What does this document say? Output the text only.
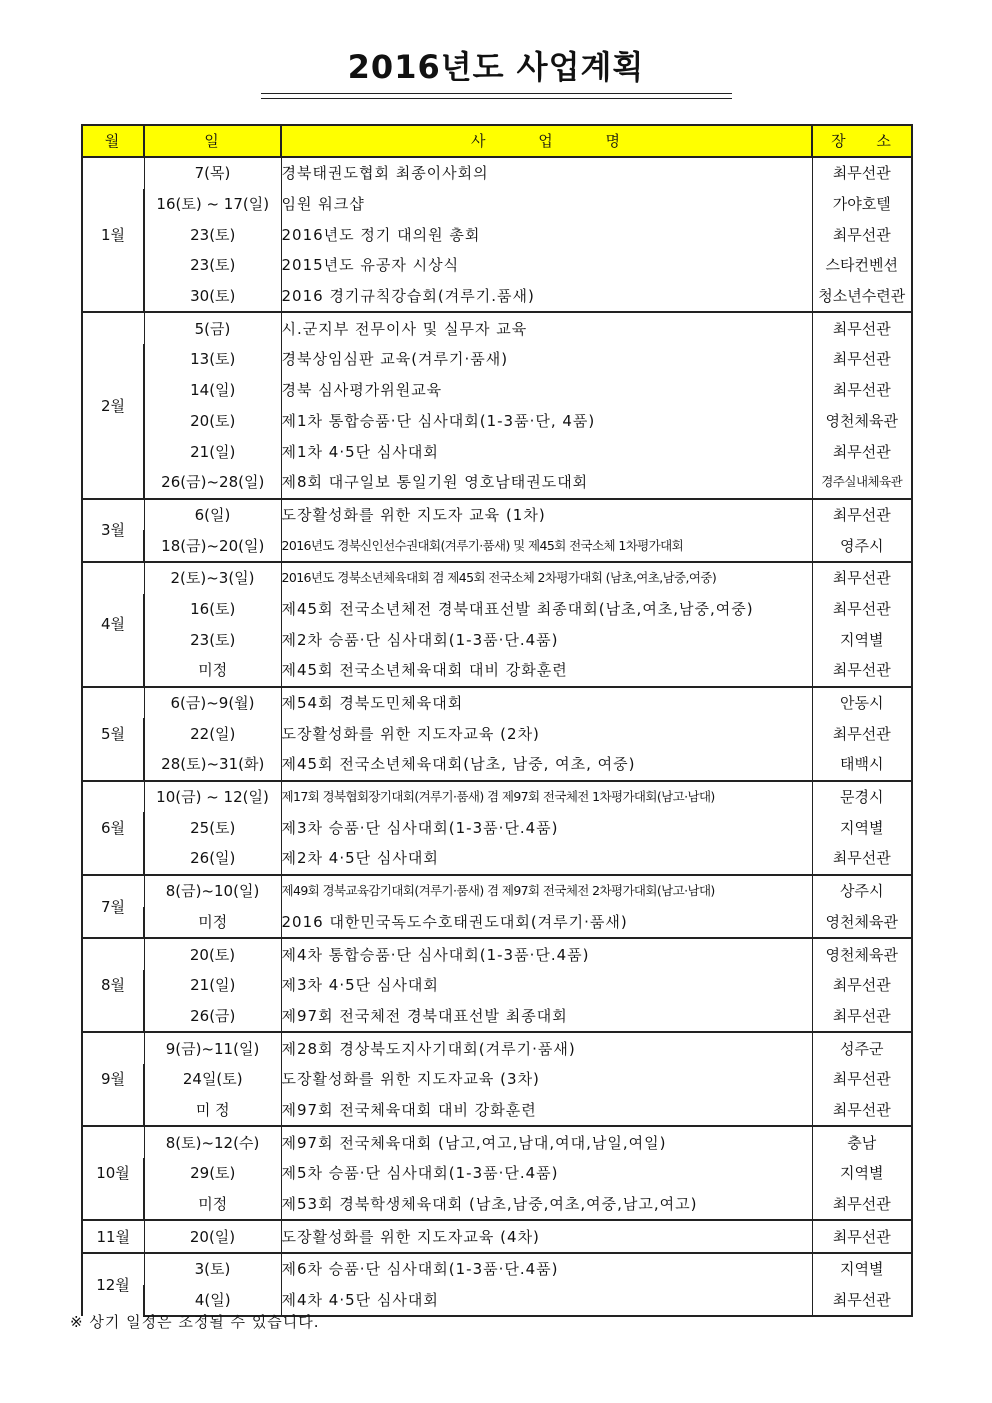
2016년도 사업계획
월	일	사 업 명	장 소
1월	7(목)	경북태권도협회 최종이사회의	최무선관
	16(토) ~ 17(일)	임원 워크샵	가야호텔
	23(토)	2016년도 정기 대의원 총회	최무선관
	23(토)	2015년도 유공자 시상식	스타컨벤션
	30(토)	2016 경기규칙강습회(겨루기.품새)	청소년수련관
2월	5(금)	시.군지부 전무이사 및 실무자 교육	최무선관
	13(토)	경북상임심판 교육(겨루기·품새)	최무선관
	14(일)	경북 심사평가위원교육	최무선관
	20(토)	제1차 통합승품·단 심사대회(1-3품·단, 4품)	영천체육관
	21(일)	제1차 4·5단 심사대회	최무선관
	26(금)~28(일)	제8회 대구일보 통일기원 영호남태권도대회	경주실내체육관
3월	6(일)	도장활성화를 위한 지도자 교육 (1차)	최무선관
	18(금)~20(일)	2016년도 경북신인선수권대회(겨루기·품새) 및 제45회 전국소체 1차평가대회	영주시
4월	2(토)~3(일)	2016년도 경북소년체육대회 겸 제45회 전국소체 2차평가대회 (남초,여초,남중,여중)	최무선관
	16(토)	제45회 전국소년체전 경북대표선발 최종대회(남초,여초,남중,여중)	최무선관
	23(토)	제2차 승품·단 심사대회(1-3품·단.4품)	지역별
	미정	제45회 전국소년체육대회 대비 강화훈련	최무선관
5월	6(금)~9(월)	제54회 경북도민체육대회	안동시
	22(일)	도장활성화를 위한 지도자교육 (2차)	최무선관
	28(토)~31(화)	제45회 전국소년체육대회(남초, 남중, 여초, 여중)	태백시
6월	10(금) ~ 12(일)	제17회 경북협회장기대회(겨루기·품새) 겸 제97회 전국체전 1차평가대회(남고·남대)	문경시
	25(토)	제3차 승품·단 심사대회(1-3품·단.4품)	지역별
	26(일)	제2차 4·5단 심사대회	최무선관
7월	8(금)~10(일)	제49회 경북교육감기대회(겨루기·품새) 겸 제97회 전국체전 2차평가대회(남고·남대)	상주시
	미정	2016 대한민국독도수호태권도대회(겨루기·품새)	영천체육관
8월	20(토)	제4차 통합승품·단 심사대회(1-3품·단.4품)	영천체육관
	21(일)	제3차 4·5단 심사대회	최무선관
	26(금)	제97회 전국체전 경북대표선발 최종대회	최무선관
9월	9(금)~11(일)	제28회 경상북도지사기대회(겨루기·품새)	성주군
	24일(토)	도장활성화를 위한 지도자교육 (3차)	최무선관
	미 정	제97회 전국체육대회 대비 강화훈련	최무선관
10월	8(토)~12(수)	제97회 전국체육대회 (남고,여고,남대,여대,남일,여일)	충남
	29(토)	제5차 승품·단 심사대회(1-3품·단.4품)	지역별
	미정	제53회 경북학생체육대회 (남초,남중,여초,여중,남고,여고)	최무선관
11월	20(일)	도장활성화를 위한 지도자교육 (4차)	최무선관
12월	3(토)	제6차 승품·단 심사대회(1-3품·단.4품)	지역별
	4(일)	제4차 4·5단 심사대회	최무선관
※ 상기 일정은 조정될 수 있습니다.
